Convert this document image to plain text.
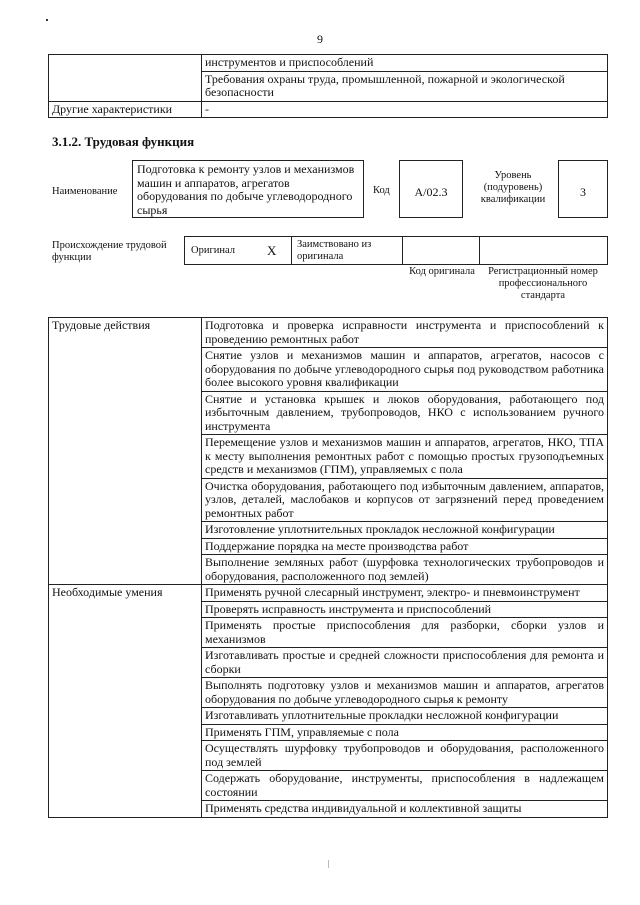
9
	инструментов и приспособлений
	Требования охраны труда, промышленной, пожарной и экологической безопасности
Другие характеристики	-
3.1.2. Трудовая функция
Наименование
Подготовка к ремонту узлов и механизмов машин и аппаратов, агрегатов оборудования по добыче углеводородного сырья
Код	А/02.3
Уровень (подуровень) квалификации
3
Происхождение трудовой функции
Оригинал X Заимствовано из оригинала
Код оригинала	Регистрационный номер профессионального стандарта
Трудовые действия	Подготовка и проверка исправности инструмента и приспособлений к проведению ремонтных работ
	Снятие узлов и механизмов машин и аппаратов, агрегатов, насосов с оборудования по добыче углеводородного сырья под руководством работника более высокого уровня квалификации
	Снятие и установка крышек и люков оборудования, работающего под избыточным давлением, трубопроводов, НКО с использованием ручного инструмента
	Перемещение узлов и механизмов машин и аппаратов, агрегатов, НКО, ТПА к месту выполнения ремонтных работ с помощью простых грузоподъемных средств и механизмов (ГПМ), управляемых с пола
	Очистка оборудования, работающего под избыточным давлением, аппаратов, узлов, деталей, маслобаков и корпусов от загрязнений перед проведением ремонтных работ
	Изготовление уплотнительных прокладок несложной конфигурации
	Поддержание порядка на месте производства работ
	Выполнение земляных работ (шурфовка технологических трубопроводов и оборудования, расположенного под землей)
Необходимые умения	Применять ручной слесарный инструмент, электро- и пневмоинструмент
	Проверять исправность инструмента и приспособлений
	Применять простые приспособления для разборки, сборки узлов и механизмов
	Изготавливать простые и средней сложности приспособления для ремонта и сборки
	Выполнять подготовку узлов и механизмов машин и аппаратов, агрегатов оборудования по добыче углеводородного сырья к ремонту
	Изготавливать уплотнительные прокладки несложной конфигурации
	Применять ГПМ, управляемые с пола
	Осуществлять шурфовку трубопроводов и оборудования, расположенного под землей
	Содержать оборудование, инструменты, приспособления в надлежащем состоянии
	Применять средства индивидуальной и коллективной защиты
